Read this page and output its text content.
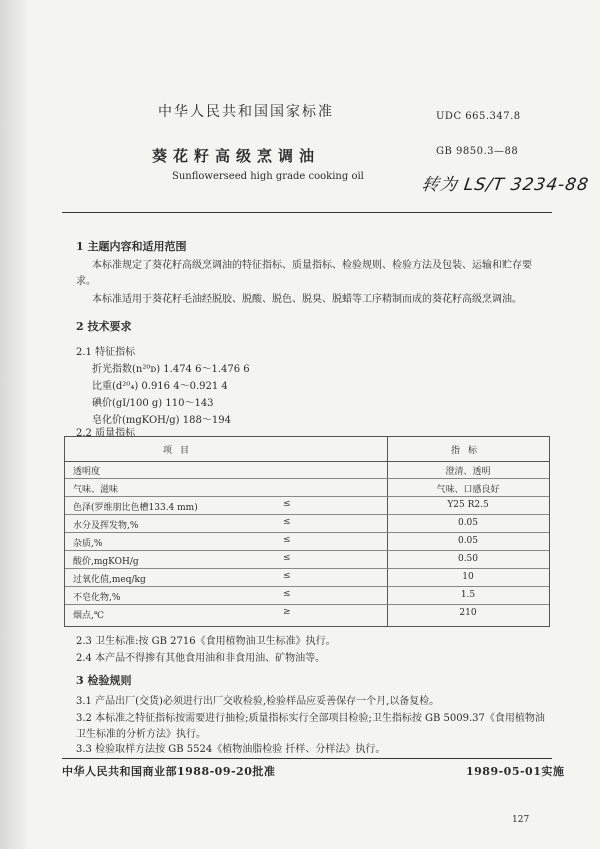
中华人民共和国国家标准	UDC 665.347.8
葵花籽高级烹调油	GB 9850.3—88
Sunflowerseed high grade cooking oil	转为 LS/T 3234-88
1 主题内容和适用范围
本标准规定了葵花籽高级烹调油的特征指标、质量指标、检验规则、检验方法及包装、运输和贮存要求。
本标准适用于葵花籽毛油经脱胶、脱酸、脱色、脱臭、脱蜡等工序精制而成的葵花籽高级烹调油。
2 技术要求
2.1 特征指标
折光指数(n²⁰ᴅ) 1.474 6～1.476 6
比重(d²⁰₄) 0.916 4～0.921 4
碘价(gI/100 g) 110～143
皂化价(mgKOH/g) 188～194
2.2 质量指标
项目	指标
透明度	澄清、透明
气味、滋味	气味、口感良好
色泽(罗维朋比色槽133.4 mm)	≤	Y25 R2.5
水分及挥发物,%	≤	0.05
杂质,%	≤	0.05
酸价,mgKOH/g	≤	0.50
过氧化值,meq/kg	≤	10
不皂化物,%	≤	1.5
烟点,℃	≥	210
2.3 卫生标准:按 GB 2716《食用植物油卫生标准》执行。
2.4 本产品不得掺有其他食用油和非食用油、矿物油等。
3 检验规则
3.1 产品出厂(交货)必须进行出厂交收检验,检验样品应妥善保存一个月,以备复检。
3.2 本标准之特征指标按需要进行抽检;质量指标实行全部项目检验;卫生指标按 GB 5009.37《食用植物油卫生标准的分析方法》执行。
3.3 检验取样方法按 GB 5524《植物油脂检验 扦样、分样法》执行。
中华人民共和国商业部1988-09-20批准	1989-05-01实施
127
